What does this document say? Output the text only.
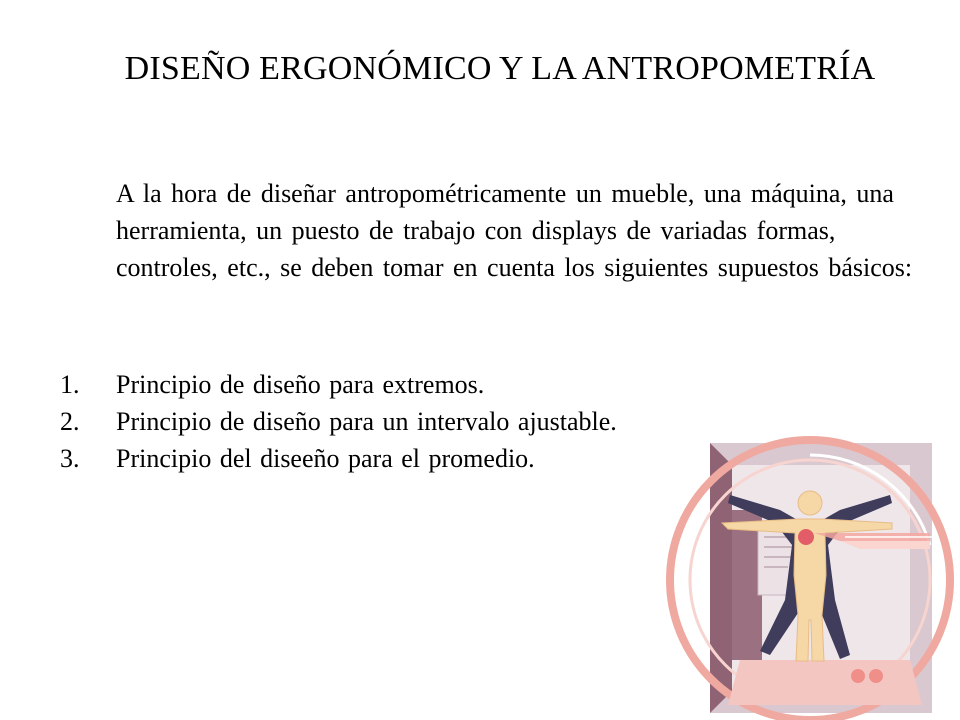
DISEÑO ERGONÓMICO Y LA ANTROPOMETRÍA

A la hora de diseñar antropométricamente un mueble, una máquina, una herramienta, un puesto de trabajo con displays de variadas formas, controles, etc., se deben tomar en cuenta los siguientes supuestos básicos:

1.	Principio de diseño para extremos.
2.	Principio de diseño para un intervalo ajustable.
3.	Principio del diseeño para el promedio.
